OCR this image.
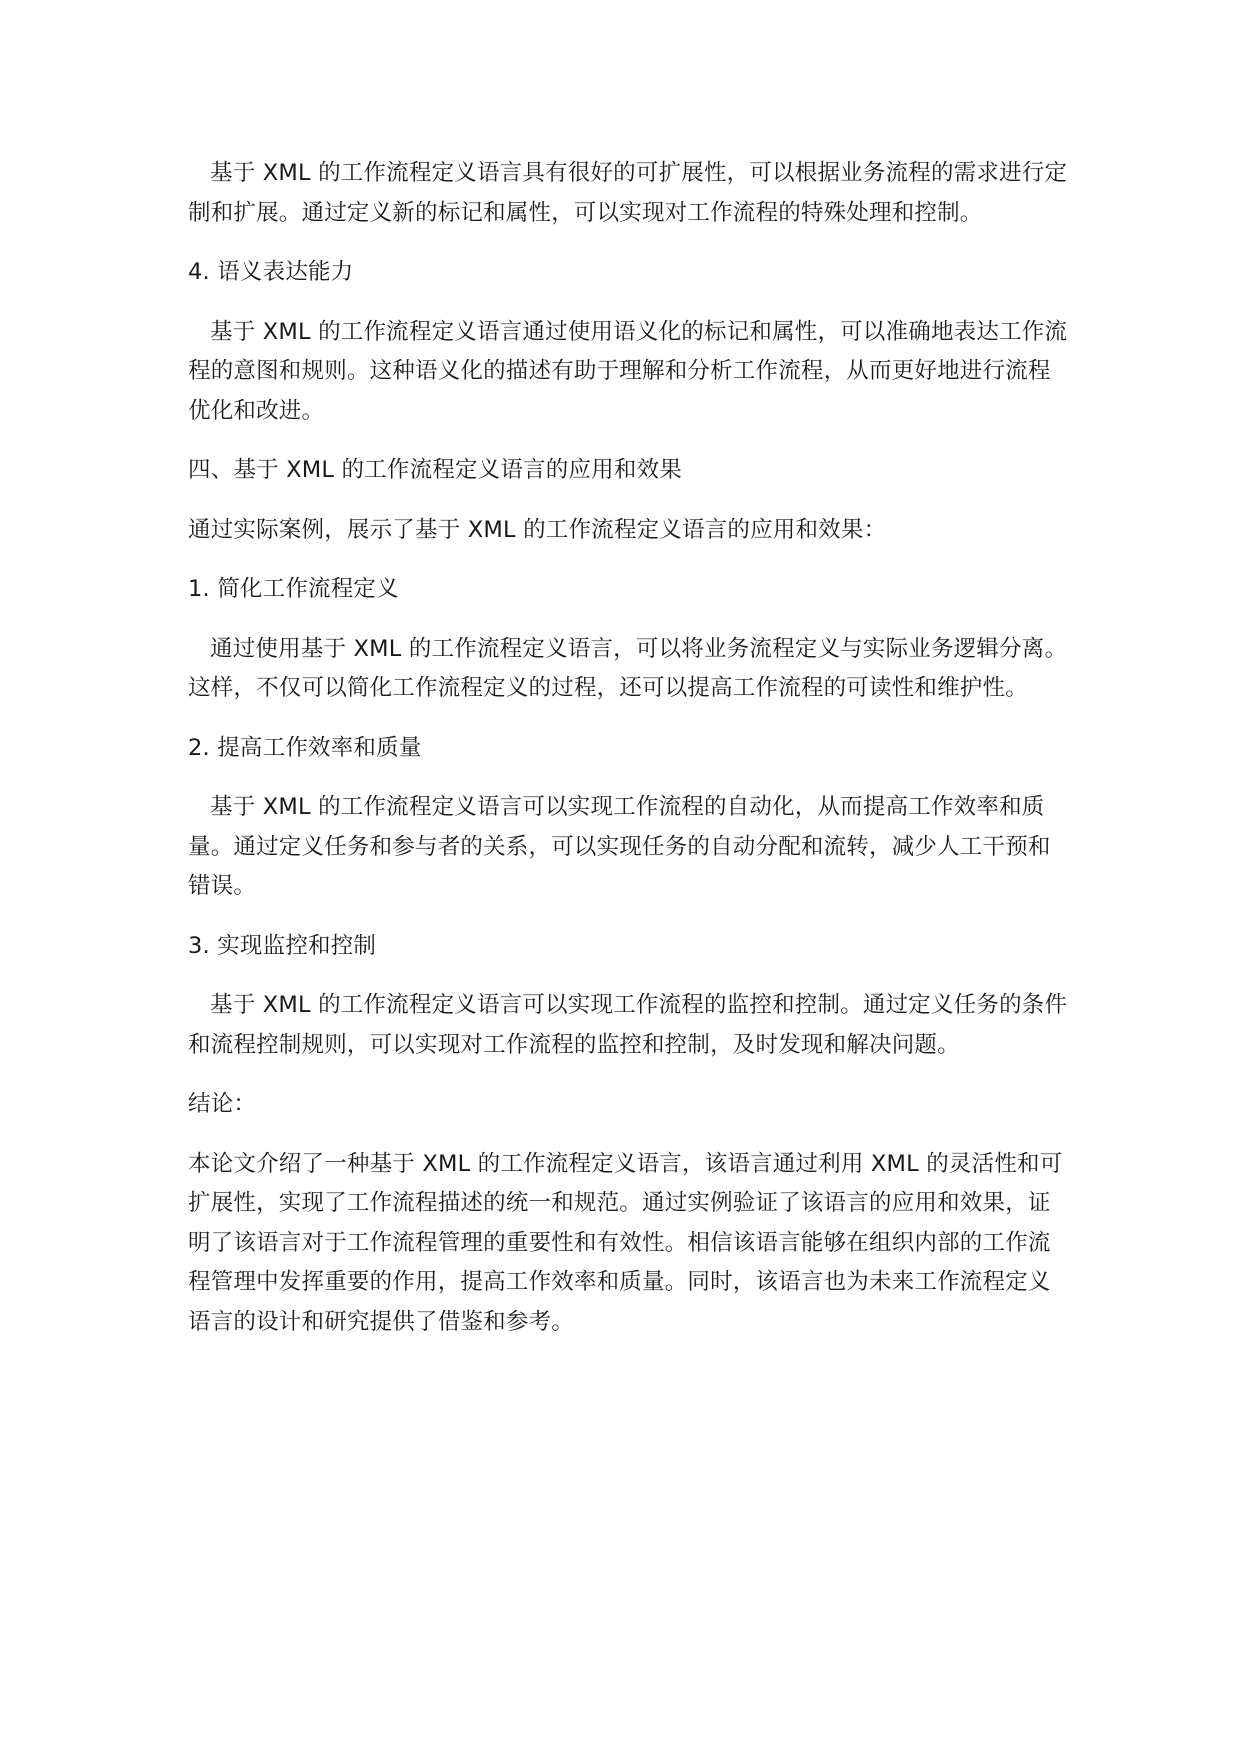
基于 XML 的工作流程定义语言具有很好的可扩展性，可以根据业务流程的需求进行定制和扩展。通过定义新的标记和属性，可以实现对工作流程的特殊处理和控制。

4. 语义表达能力

基于 XML 的工作流程定义语言通过使用语义化的标记和属性，可以准确地表达工作流程的意图和规则。这种语义化的描述有助于理解和分析工作流程，从而更好地进行流程优化和改进。

四、基于 XML 的工作流程定义语言的应用和效果

通过实际案例，展示了基于 XML 的工作流程定义语言的应用和效果：

1. 简化工作流程定义

通过使用基于 XML 的工作流程定义语言，可以将业务流程定义与实际业务逻辑分离。这样，不仅可以简化工作流程定义的过程，还可以提高工作流程的可读性和维护性。

2. 提高工作效率和质量

基于 XML 的工作流程定义语言可以实现工作流程的自动化，从而提高工作效率和质量。通过定义任务和参与者的关系，可以实现任务的自动分配和流转，减少人工干预和错误。

3. 实现监控和控制

基于 XML 的工作流程定义语言可以实现工作流程的监控和控制。通过定义任务的条件和流程控制规则，可以实现对工作流程的监控和控制，及时发现和解决问题。

结论：

本论文介绍了一种基于 XML 的工作流程定义语言，该语言通过利用 XML 的灵活性和可扩展性，实现了工作流程描述的统一和规范。通过实例验证了该语言的应用和效果，证明了该语言对于工作流程管理的重要性和有效性。相信该语言能够在组织内部的工作流程管理中发挥重要的作用，提高工作效率和质量。同时，该语言也为未来工作流程定义语言的设计和研究提供了借鉴和参考。
